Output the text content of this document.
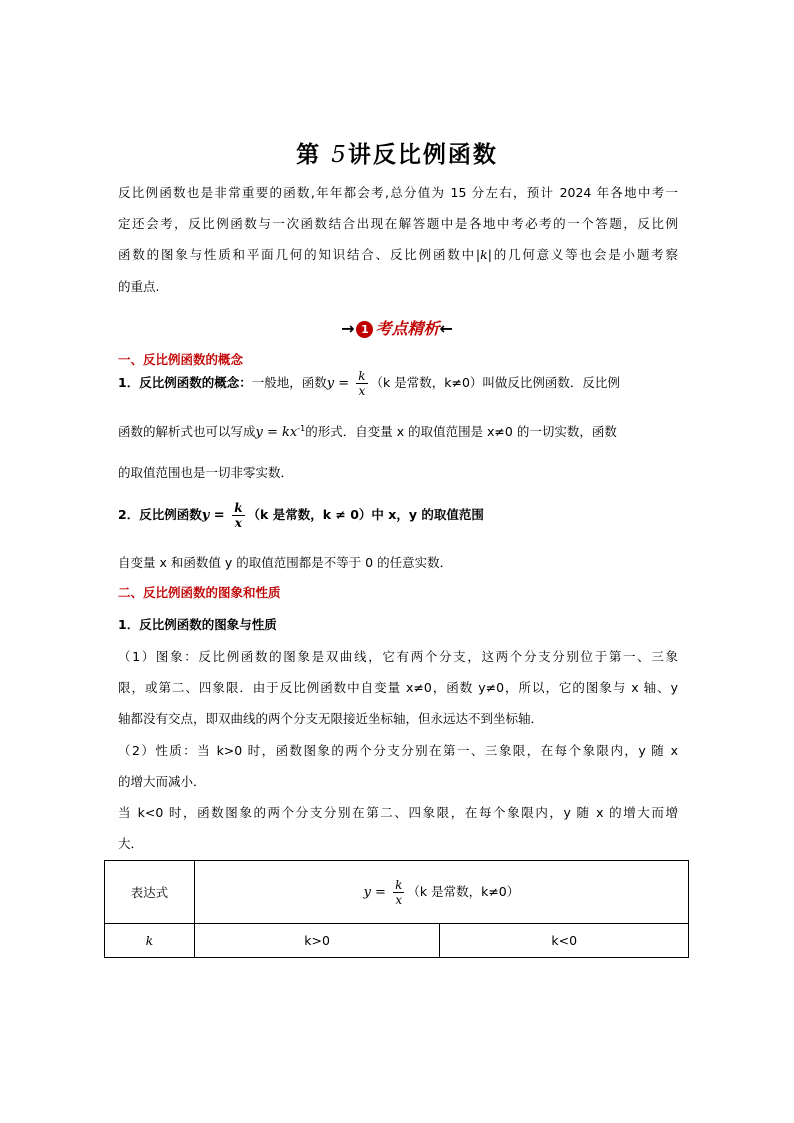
第 5讲反比例函数
反比例函数也是非常重要的函数,年年都会考,总分值为 15 分左右，预计 2024 年各地中考一
定还会考，反比例函数与一次函数结合出现在解答题中是各地中考必考的一个答题，反比例
函数的图象与性质和平面几何的知识结合、反比例函数中|k|的几何意义等也会是小题考察
的重点.
→ 1 考点精析←
一、反比例函数的概念
1．反比例函数的概念：一般地，函数$y = \frac{k}{x} (k$ 是常数，k≠0）叫做反比例函数．反比例
函数的解析式也可以写成$y = kx^{-1}$的形式．自变量 x 的取值范围是 x≠0 的一切实数，函数
的取值范围也是一切非零实数．
2．反比例函数$y = \frac{k}{x} (k$ 是常数，k ≠ 0）中 x，y 的取值范围
自变量 x 和函数值 y 的取值范围都是不等于 0 的任意实数．
二、反比例函数的图象和性质
1．反比例函数的图象与性质
（1）图象：反比例函数的图象是双曲线，它有两个分支，这两个分支分别位于第一、三象
限，或第二、四象限．由于反比例函数中自变量 x≠0，函数 y≠0，所以，它的图象与 x 轴、y
轴都没有交点，即双曲线的两个分支无限接近坐标轴，但永远达不到坐标轴．
（2）性质：当 k>0 时，函数图象的两个分支分别在第一、三象限，在每个象限内，y 随 x
的增大而减小．
当 k<0 时，函数图象的两个分支分别在第二、四象限，在每个象限内，y 随 x 的增大而增
大．
表达式	$y = \frac{k}{x} (k$ 是常数，k≠0）	
k	k>0	k<0
